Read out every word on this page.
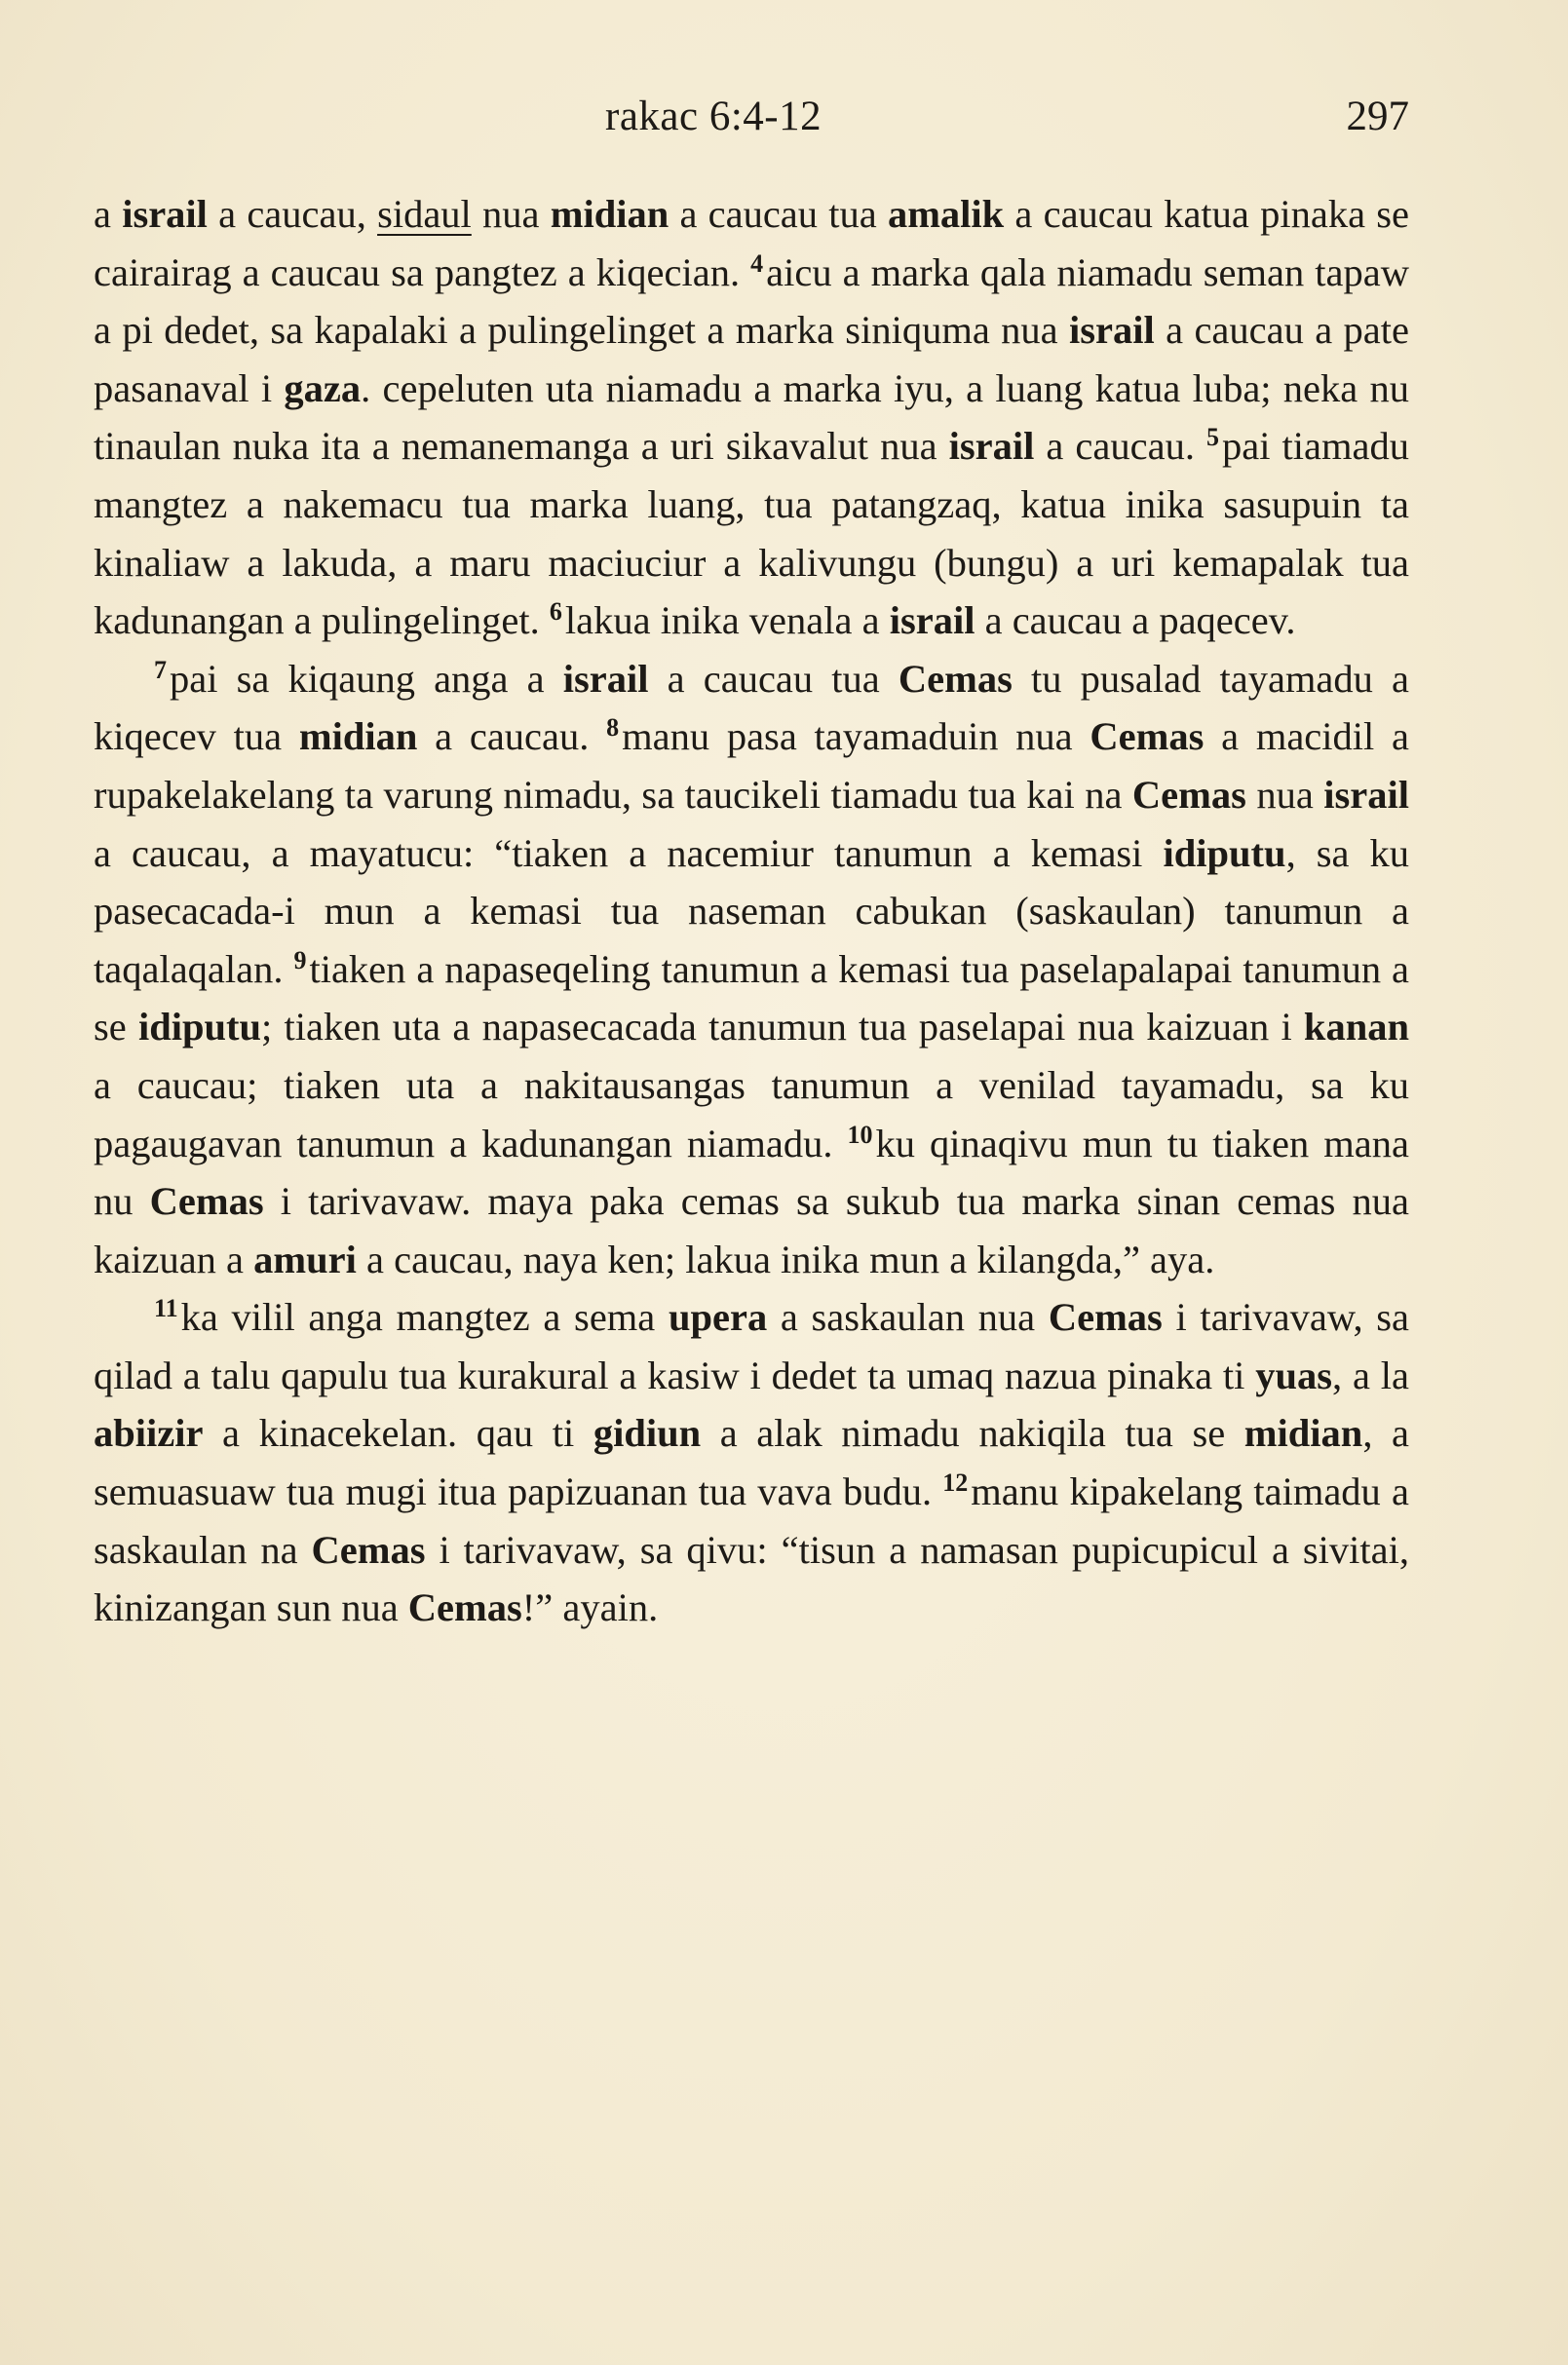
rakac 6:4-12	297

a israil a caucau, sidaul nua midian a caucau tua amalik a caucau katua pinaka se cairairag a caucau sa pangtez a kiqecian. $^4$aicu a marka qala niamadu seman tapaw a pi dedet, sa kapalaki a pulingelinget a marka siniquma nua israil a caucau a pate pasanaval i gaza. cepeluten uta niamadu a marka iyu, a luang katua luba; neka nu tinaulan nuka ita a nemanemanga a uri sikavalut nua israil a caucau. $^5$pai tiamadu mangtez a nakemacu tua marka luang, tua patangzaq, katua inika sasupuin ta kinaliaw a lakuda, a maru maciuciur a kalivungu (bungu) a uri kemapalak tua kadunangan a pulingelinget. $^6$lakua inika venala a israil a caucau a paqecev.

$^7$pai sa kiqaung anga a israil a caucau tua Cemas tu pusalad tayamadu a kiqecev tua midian a caucau. $^8$manu pasa tayamaduin nua Cemas a macidil a rupakelakelang ta varung nimadu, sa taucikeli tiamadu tua kai na Cemas nua israil a caucau, a mayatucu: “tiaken a nacemiur tanumun a kemasi idiputu, sa ku pasecacada-i mun a kemasi tua naseman cabukan (saskaulan) tanumun a taqalaqalan. $^9$tiaken a napaseqeling tanumun a kemasi tua paselapalapai tanumun a se idiputu; tiaken uta a napasecacada tanumun tua paselapai nua kaizuan i kanan a caucau; tiaken uta a nakitausangas tanumun a venilad tayamadu, sa ku pagaugavan tanumun a kadunangan niamadu. $^{10}$ku qinaqivu mun tu tiaken mana nu Cemas i tarivavaw. maya paka cemas sa sukub tua marka sinan cemas nua kaizuan a amuri a caucau, naya ken; lakua inika mun a kilangda,” aya.

$^{11}$ka vilil anga mangtez a sema upera a saskaulan nua Cemas i tarivavaw, sa qilad a talu qapulu tua kurakural a kasiw i dedet ta umaq nazua pinaka ti yuas, a la abiizir a kinacekelan. qau ti gidiun a alak nimadu nakiqila tua se midian, a semuasuaw tua mugi itua papizuanan tua vava budu. $^{12}$manu kipakelang taimadu a saskaulan na Cemas i tarivavaw, sa qivu: “tisun a namasan pupicupicul a sivitai, kinizangan sun nua Cemas!” ayain.
